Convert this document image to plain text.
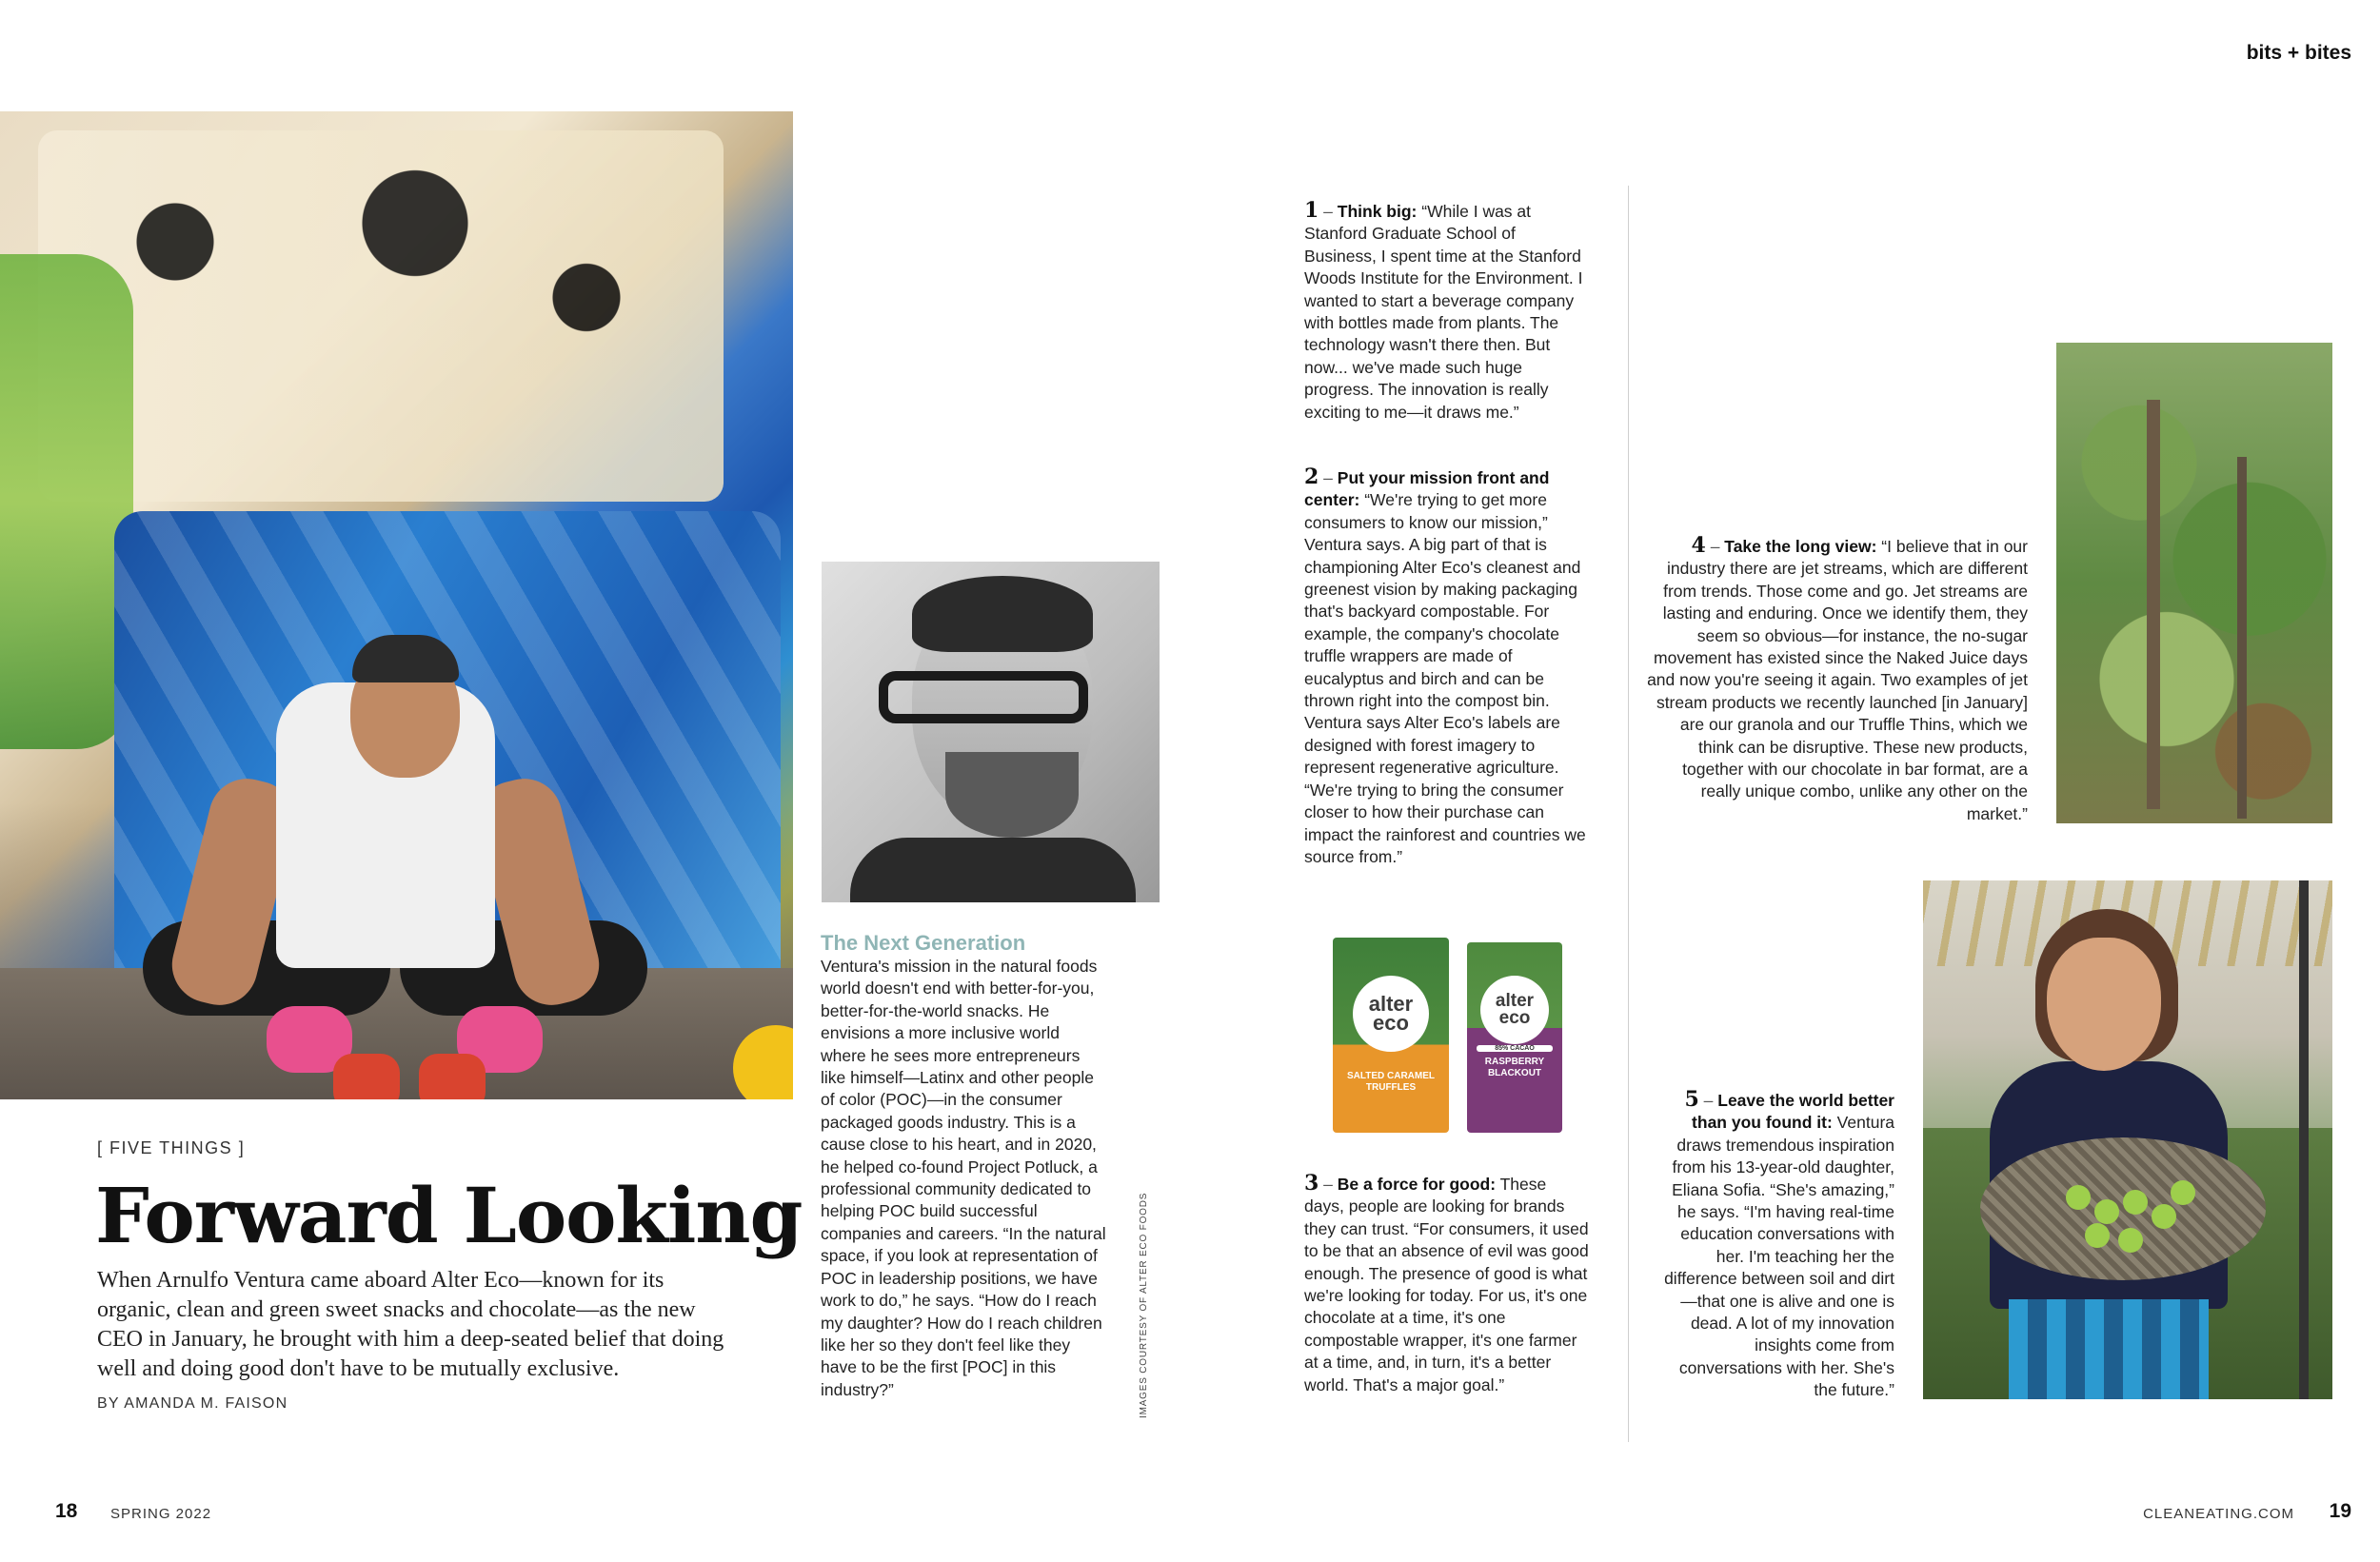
bits + bites
[ FIVE THINGS ]
Forward Looking
When Arnulfo Ventura came aboard Alter Eco—known for its organic, clean and green sweet snacks and chocolate—as the new CEO in January, he brought with him a deep-seated belief that doing well and doing good don't have to be mutually exclusive.
BY AMANDA M. FAISON
The Next Generation
Ventura's mission in the natural foods world doesn't end with better-for-you, better-for-the-world snacks. He envisions a more inclusive world where he sees more entrepreneurs like himself—Latinx and other people of color (POC)—in the consumer packaged goods industry. This is a cause close to his heart, and in 2020, he helped co-found Project Potluck, a professional community dedicated to helping POC build successful companies and careers. “In the natural space, if you look at representation of POC in leadership positions, we have work to do,” he says. “How do I reach my daughter? How do I reach children like her so they don't feel like they have to be the first [POC] in this industry?”	IMAGES COURTESY OF ALTER ECO FOODS
1 – Think big: “While I was at Stanford Graduate School of Business, I spent time at the Stanford Woods Institute for the Environment. I wanted to start a beverage company with bottles made from plants. The technology wasn't there then. But now... we've made such huge progress. The innovation is really exciting to me—it draws me.”
2 – Put your mission front and center: “We're trying to get more consumers to know our mission,” Ventura says. A big part of that is championing Alter Eco's cleanest and greenest vision by making packaging that's backyard compostable. For example, the company's chocolate truffle wrappers are made of eucalyptus and birch and can be thrown right into the compost bin. Ventura says Alter Eco's labels are designed with forest imagery to represent regenerative agriculture. “We're trying to bring the consumer closer to how their purchase can impact the rainforest and countries we source from.”
alter eco
SALTED CARAMEL TRUFFLES
alter eco
85% CACAO
RASPBERRY BLACKOUT
3 – Be a force for good: These days, people are looking for brands they can trust. “For consumers, it used to be that an absence of evil was good enough. The presence of good is what we're looking for today. For us, it's one chocolate at a time, it's one compostable wrapper, it's one farmer at a time, and, in turn, it's a better world. That's a major goal.”
4 – Take the long view: “I believe that in our industry there are jet streams, which are different from trends. Those come and go. Jet streams are lasting and enduring. Once we identify them, they seem so obvious—for instance, the no-sugar movement has existed since the Naked Juice days and now you're seeing it again. Two examples of jet stream products we recently launched [in January] are our granola and our Truffle Thins, which we think can be disruptive. These new products, together with our chocolate in bar format, are a really unique combo, unlike any other on the market.”
5 – Leave the world better than you found it: Ventura draws tremendous inspiration from his 13-year-old daughter, Eliana Sofia. “She's amazing,” he says. “I'm having real-time education conversations with her. I'm teaching her the difference between soil and dirt—that one is alive and one is dead. A lot of my innovation insights come from conversations with her. She's the future.”
18 SPRING 2022	CLEANEATING.COM 19
